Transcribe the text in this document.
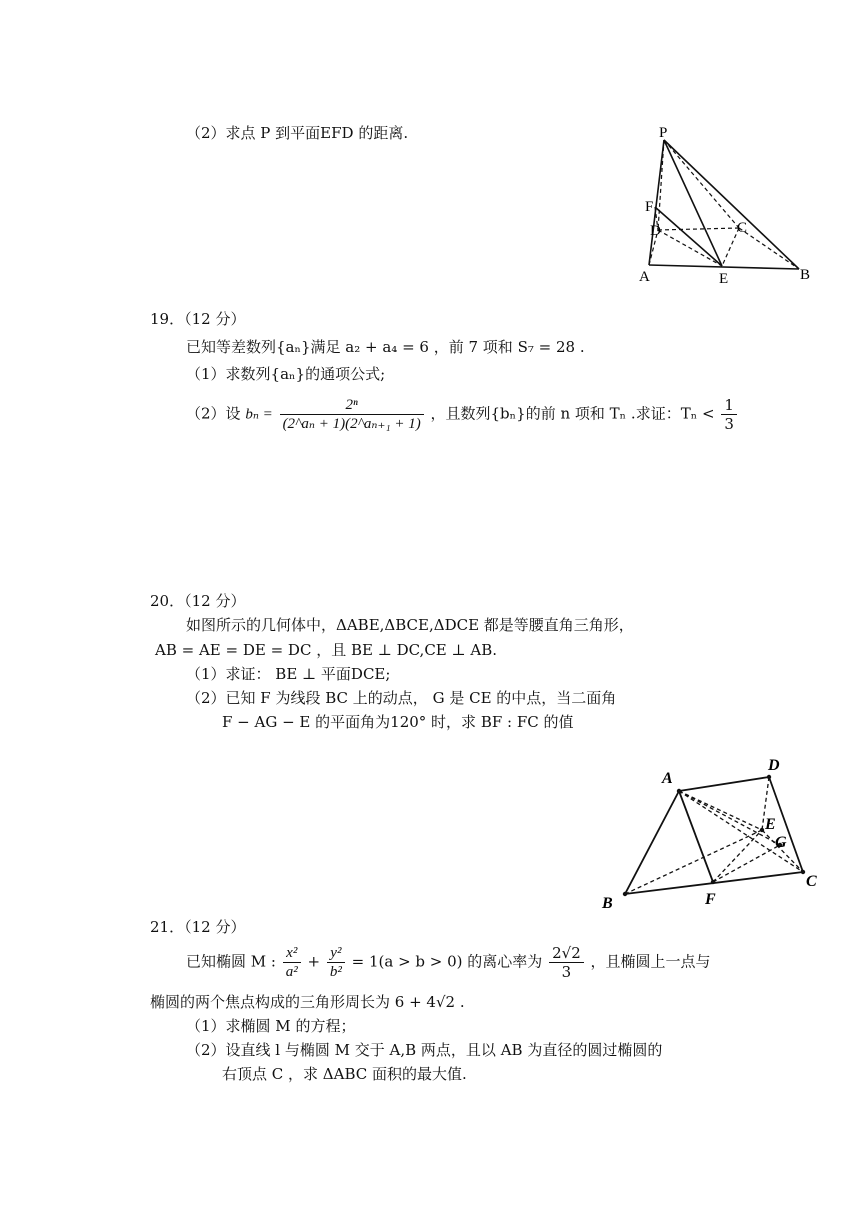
（2）求点 P 到平面EFD 的距离.	P
F
D	C
A	E	B
19．（12 分）
已知等差数列{aₙ}满足 a₂ + a₄ = 6 ，前 7 项和 S₇ = 28 .
（1）求数列{aₙ}的通项公式;
（2）设 $b_n = \frac{\text{2ⁿ}}{\text{(2\textasciicircum{}aₙ + 1)(2\textasciicircum{}aₙ₊₁ + 1)}}$ ，且数列{bₙ}的前 n 项和 Tₙ .求证：$T_n < \frac{1}{3}$
20．（12 分）
如图所示的几何体中，ΔABE,ΔBCE,ΔDCE 都是等腰直角三角形，
AB = AE = DE = DC ，且 BE ⊥ DC,CE ⊥ AB.
（1）求证： BE ⊥ 平面DCE;
（2）已知 F 为线段 BC 上的动点， G 是 CE 的中点，当二面角
F − AG − E 的平面角为120° 时，求 BF : FC 的值
A
D
E
G
C
B	F
21．（12 分）
已知椭圆 M : $\frac{\text{x²}}{\text{a²}} + \frac{\text{y²}}{\text{b²}} = 1(a > b > 0)$ 的离心率为 $\frac{2√2}{3}$ ，且椭圆上一点与
椭圆的两个焦点构成的三角形周长为 6 + 4√2 .
（1）求椭圆 M 的方程；
（2）设直线 l 与椭圆 M 交于 A,B 两点，且以 AB 为直径的圆过椭圆的
右顶点 C ，求 ΔABC 面积的最大值.
